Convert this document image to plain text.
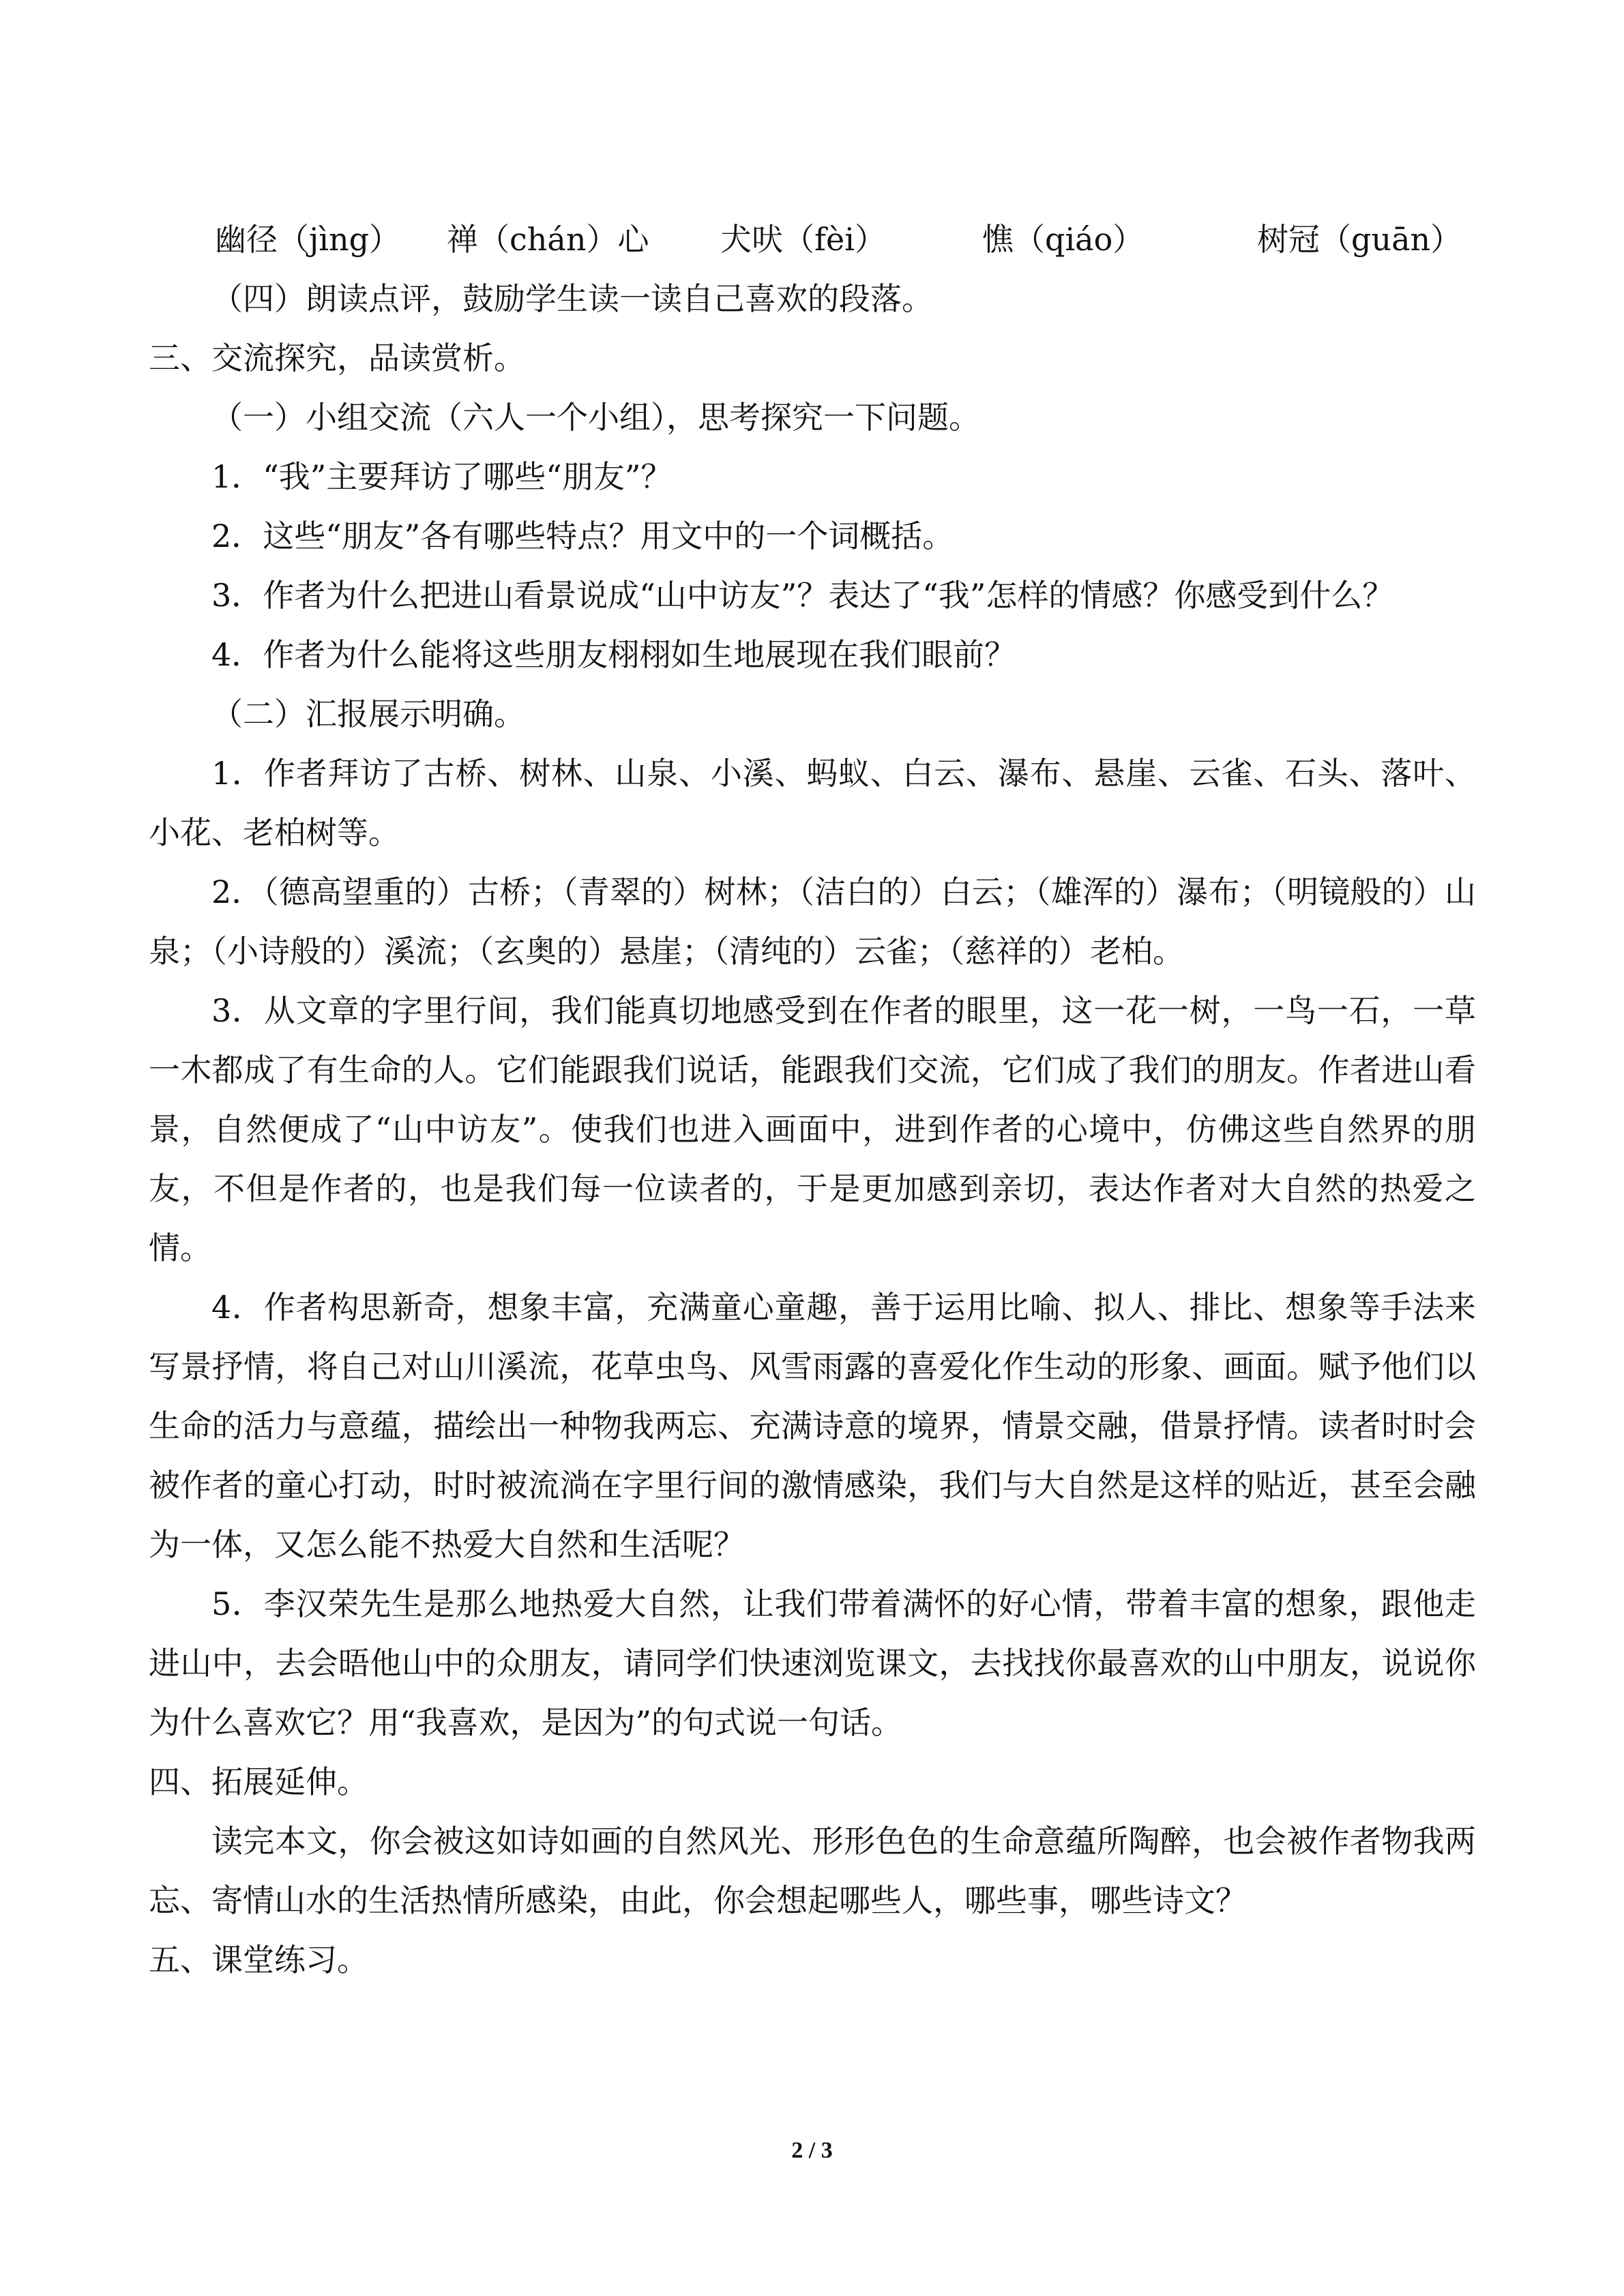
幽径（jìng） 禅（chán）心 犬吠（fèi）	憔（qiáo）	树冠（guān）
（四）朗读点评，鼓励学生读一读自己喜欢的段落。
三、交流探究，品读赏析。
（一）小组交流（六人一个小组），思考探究一下问题。
1．“我”主要拜访了哪些“朋友”？
2．这些“朋友”各有哪些特点？用文中的一个词概括。
3．作者为什么把进山看景说成“山中访友”？表达了“我”怎样的情感？你感受到什么？
4．作者为什么能将这些朋友栩栩如生地展现在我们眼前？
（二）汇报展示明确。
1．作者拜访了古桥、树林、山泉、小溪、蚂蚁、白云、瀑布、悬崖、云雀、石头、落叶、小花、老柏树等。
2．（德高望重的）古桥；（青翠的）树林；（洁白的）白云；（雄浑的）瀑布；（明镜般的）山泉；（小诗般的）溪流；（玄奥的）悬崖；（清纯的）云雀；（慈祥的）老柏。
3．从文章的字里行间，我们能真切地感受到在作者的眼里，这一花一树，一鸟一石，一草一木都成了有生命的人。它们能跟我们说话，能跟我们交流，它们成了我们的朋友。作者进山看景，自然便成了“山中访友”。使我们也进入画面中，进到作者的心境中，仿佛这些自然界的朋友，不但是作者的，也是我们每一位读者的，于是更加感到亲切，表达作者对大自然的热爱之情。
4．作者构思新奇，想象丰富，充满童心童趣，善于运用比喻、拟人、排比、想象等手法来写景抒情，将自己对山川溪流，花草虫鸟、风雪雨露的喜爱化作生动的形象、画面。赋予他们以生命的活力与意蕴，描绘出一种物我两忘、充满诗意的境界，情景交融，借景抒情。读者时时会被作者的童心打动，时时被流淌在字里行间的激情感染，我们与大自然是这样的贴近，甚至会融为一体，又怎么能不热爱大自然和生活呢？
5．李汉荣先生是那么地热爱大自然，让我们带着满怀的好心情，带着丰富的想象，跟他走进山中，去会晤他山中的众朋友，请同学们快速浏览课文，去找找你最喜欢的山中朋友，说说你为什么喜欢它？用“我喜欢，是因为”的句式说一句话。
四、拓展延伸。
读完本文，你会被这如诗如画的自然风光、形形色色的生命意蕴所陶醉，也会被作者物我两忘、寄情山水的生活热情所感染，由此，你会想起哪些人，哪些事，哪些诗文？
五、课堂练习。
2 / 3
